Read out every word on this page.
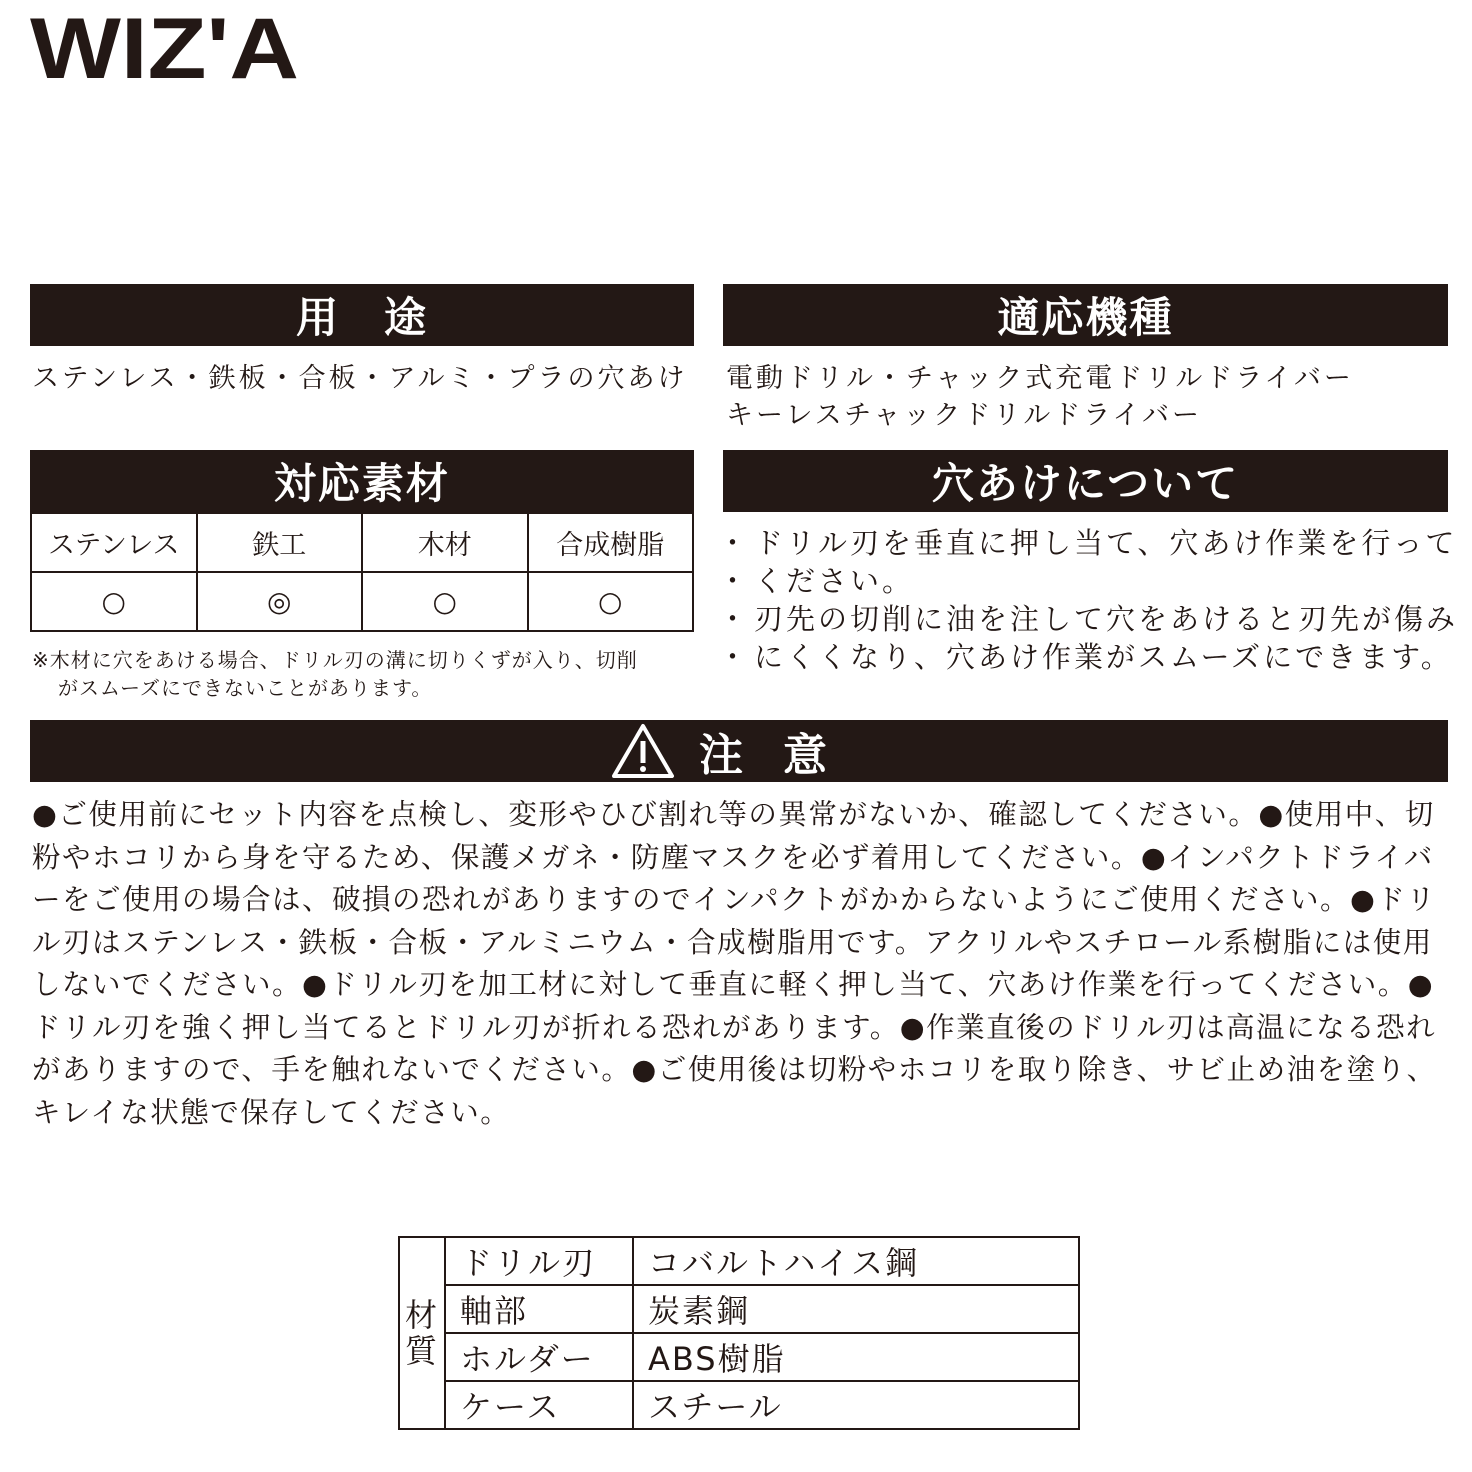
WIZ'A
用　途
ステンレス・鉄板・合板・アルミ・プラの穴あけ
適応機種
電動ドリル・チャック式充電ドリルドライバー
キーレスチャックドリルドライバー
対応素材
ステンレス	鉄工	木材	合成樹脂
○	◎	○	○
※木材に穴をあける場合、ドリル刃の溝に切りくずが入り、切削
がスムーズにできないことがあります。
穴あけについて
・ ドリル刃を垂直に押し当て、穴あけ作業を行って
・ ください。
・ 刃先の切削に油を注して穴をあけると刃先が傷み
・ にくくなり、穴あけ作業がスムーズにできます。
注意
●ご使用前にセット内容を点検し、変形やひび割れ等の異常がないか、確認してください。●使用中、切粉やホコリから身を守るため、保護メガネ・防塵マスクを必ず着用してください。●インパクトドライバーをご使用の場合は、破損の恐れがありますのでインパクトがかからないようにご使用ください。●ドリル刃はステンレス・鉄板・合板・アルミニウム・合成樹脂用です。アクリルやスチロール系樹脂には使用しないでください。●ドリル刃を加工材に対して垂直に軽く押し当て、穴あけ作業を行ってください。●ドリル刃を強く押し当てるとドリル刃が折れる恐れがあります。●作業直後のドリル刃は高温になる恐れがありますので、手を触れないでください。●ご使用後は切粉やホコリを取り除き、サビ止め油を塗り、キレイな状態で保存してください。
材
質	ドリル刃	コバルトハイス鋼
	軸部	炭素鋼
	ホルダー	ABS樹脂
	ケース	スチール
